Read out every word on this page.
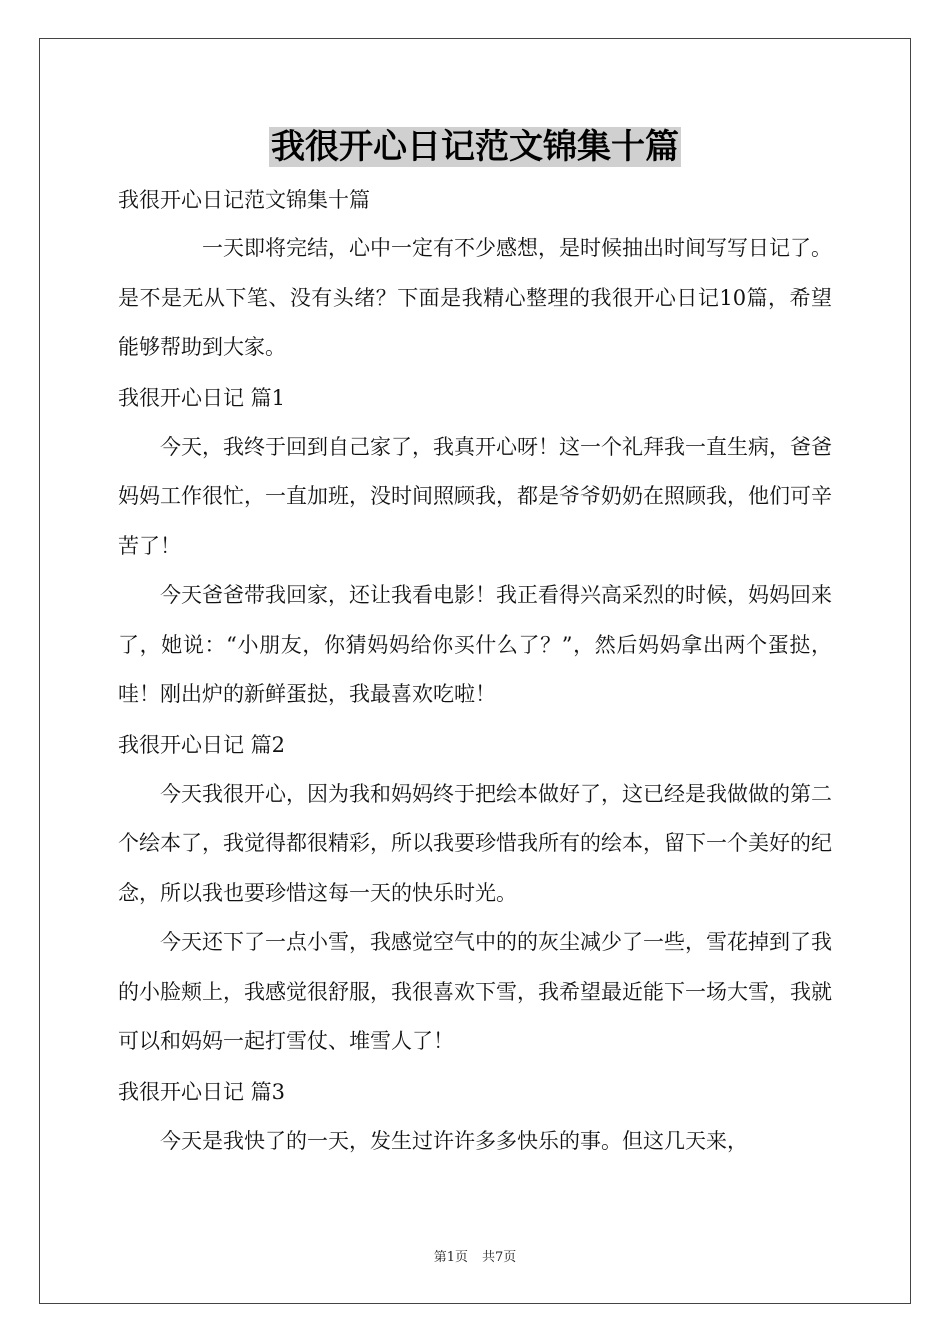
我很开心日记范文锦集十篇

我很开心日记范文锦集十篇

一天即将完结，心中一定有不少感想，是时候抽出时间写写日记了。是不是无从下笔、没有头绪？下面是我精心整理的我很开心日记10篇，希望能够帮助到大家。

我很开心日记 篇1

今天，我终于回到自己家了，我真开心呀！这一个礼拜我一直生病，爸爸妈妈工作很忙，一直加班，没时间照顾我，都是爷爷奶奶在照顾我，他们可辛苦了！

今天爸爸带我回家，还让我看电影！我正看得兴高采烈的时候，妈妈回来了，她说：“小朋友，你猜妈妈给你买什么了？”，然后妈妈拿出两个蛋挞，哇！刚出炉的新鲜蛋挞，我最喜欢吃啦！

我很开心日记 篇2

今天我很开心，因为我和妈妈终于把绘本做好了，这已经是我做做的第二个绘本了，我觉得都很精彩，所以我要珍惜我所有的绘本，留下一个美好的纪念，所以我也要珍惜这每一天的快乐时光。

今天还下了一点小雪，我感觉空气中的的灰尘减少了一些，雪花掉到了我的小脸颊上，我感觉很舒服，我很喜欢下雪，我希望最近能下一场大雪，我就可以和妈妈一起打雪仗、堆雪人了！

我很开心日记 篇3

今天是我快了的一天，发生过许许多多快乐的事。但这几天来，

第1页 共7页
